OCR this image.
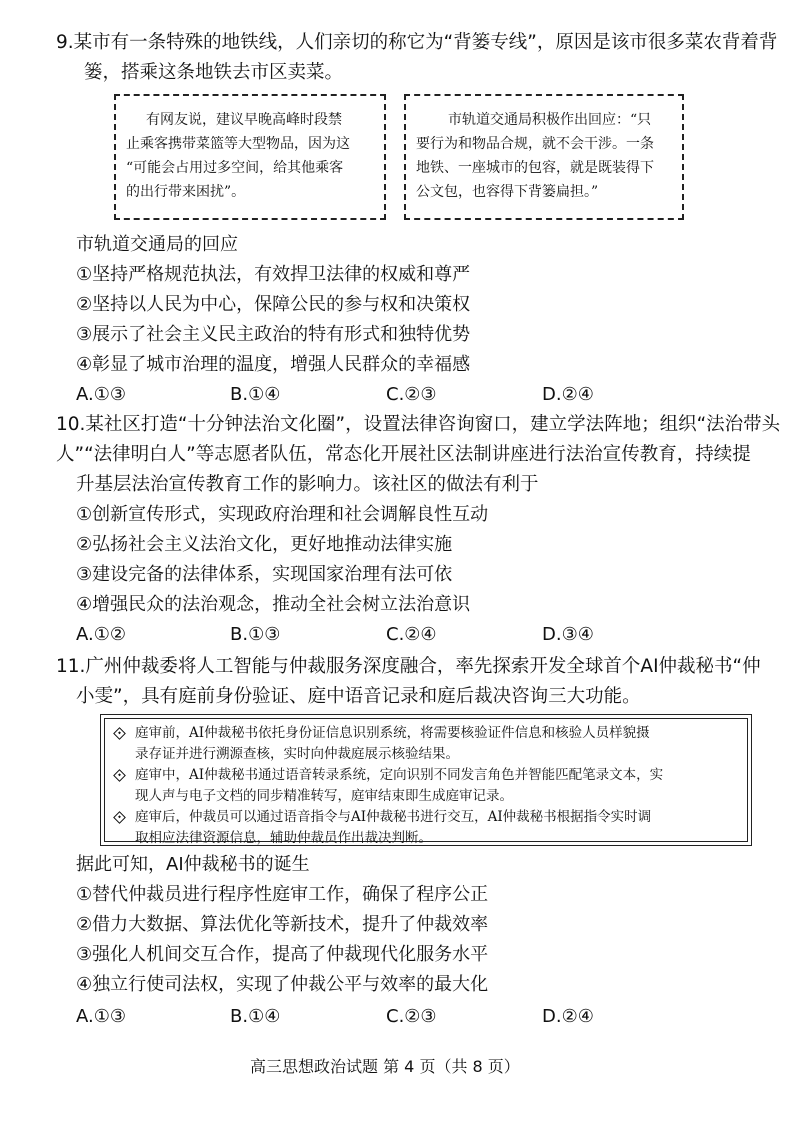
9.某市有一条特殊的地铁线，人们亲切的称它为“背篓专线”，原因是该市很多菜农背着背
篓，搭乘这条地铁去市区卖菜。
有网友说，建议早晚高峰时段禁
止乘客携带菜篮等大型物品，因为这
“可能会占用过多空间，给其他乘客
的出行带来困扰”。
市轨道交通局积极作出回应：“只
要行为和物品合规，就不会干涉。一条
地铁、一座城市的包容，就是既装得下
公文包，也容得下背篓扁担。”
市轨道交通局的回应
①坚持严格规范执法，有效捍卫法律的权威和尊严
②坚持以人民为中心，保障公民的参与权和决策权
③展示了社会主义民主政治的特有形式和独特优势
④彰显了城市治理的温度，增强人民群众的幸福感
A.①③	B.①④	C.②③	D.②④
10.某社区打造“十分钟法治文化圈”，设置法律咨询窗口，建立学法阵地；组织“法治带头
人”“法律明白人”等志愿者队伍，常态化开展社区法制讲座进行法治宣传教育，持续提
升基层法治宣传教育工作的影响力。该社区的做法有利于
①创新宣传形式，实现政府治理和社会调解良性互动
②弘扬社会主义法治文化，更好地推动法律实施
③建设完备的法律体系，实现国家治理有法可依
④增强民众的法治观念，推动全社会树立法治意识
A.①②	B.①③	C.②④	D.③④
11.广州仲裁委将人工智能与仲裁服务深度融合，率先探索开发全球首个AI仲裁秘书“仲
小雯”，具有庭前身份验证、庭中语音记录和庭后裁决咨询三大功能。
庭审前，AI仲裁秘书依托身份证信息识别系统，将需要核验证件信息和核验人员样貌摄
录存证并进行溯源查核，实时向仲裁庭展示核验结果。
庭审中，AI仲裁秘书通过语音转录系统，定向识别不同发言角色并智能匹配笔录文本，实
现人声与电子文档的同步精准转写，庭审结束即生成庭审记录。
庭审后，仲裁员可以通过语音指令与AI仲裁秘书进行交互，AI仲裁秘书根据指令实时调
取相应法律资源信息，辅助仲裁员作出裁决判断。
据此可知，AI仲裁秘书的诞生
①替代仲裁员进行程序性庭审工作，确保了程序公正
②借力大数据、算法优化等新技术，提升了仲裁效率
③强化人机间交互合作，提高了仲裁现代化服务水平
④独立行使司法权，实现了仲裁公平与效率的最大化
A.①③	B.①④	C.②③	D.②④
高三思想政治试题 第 4 页（共 8 页）
